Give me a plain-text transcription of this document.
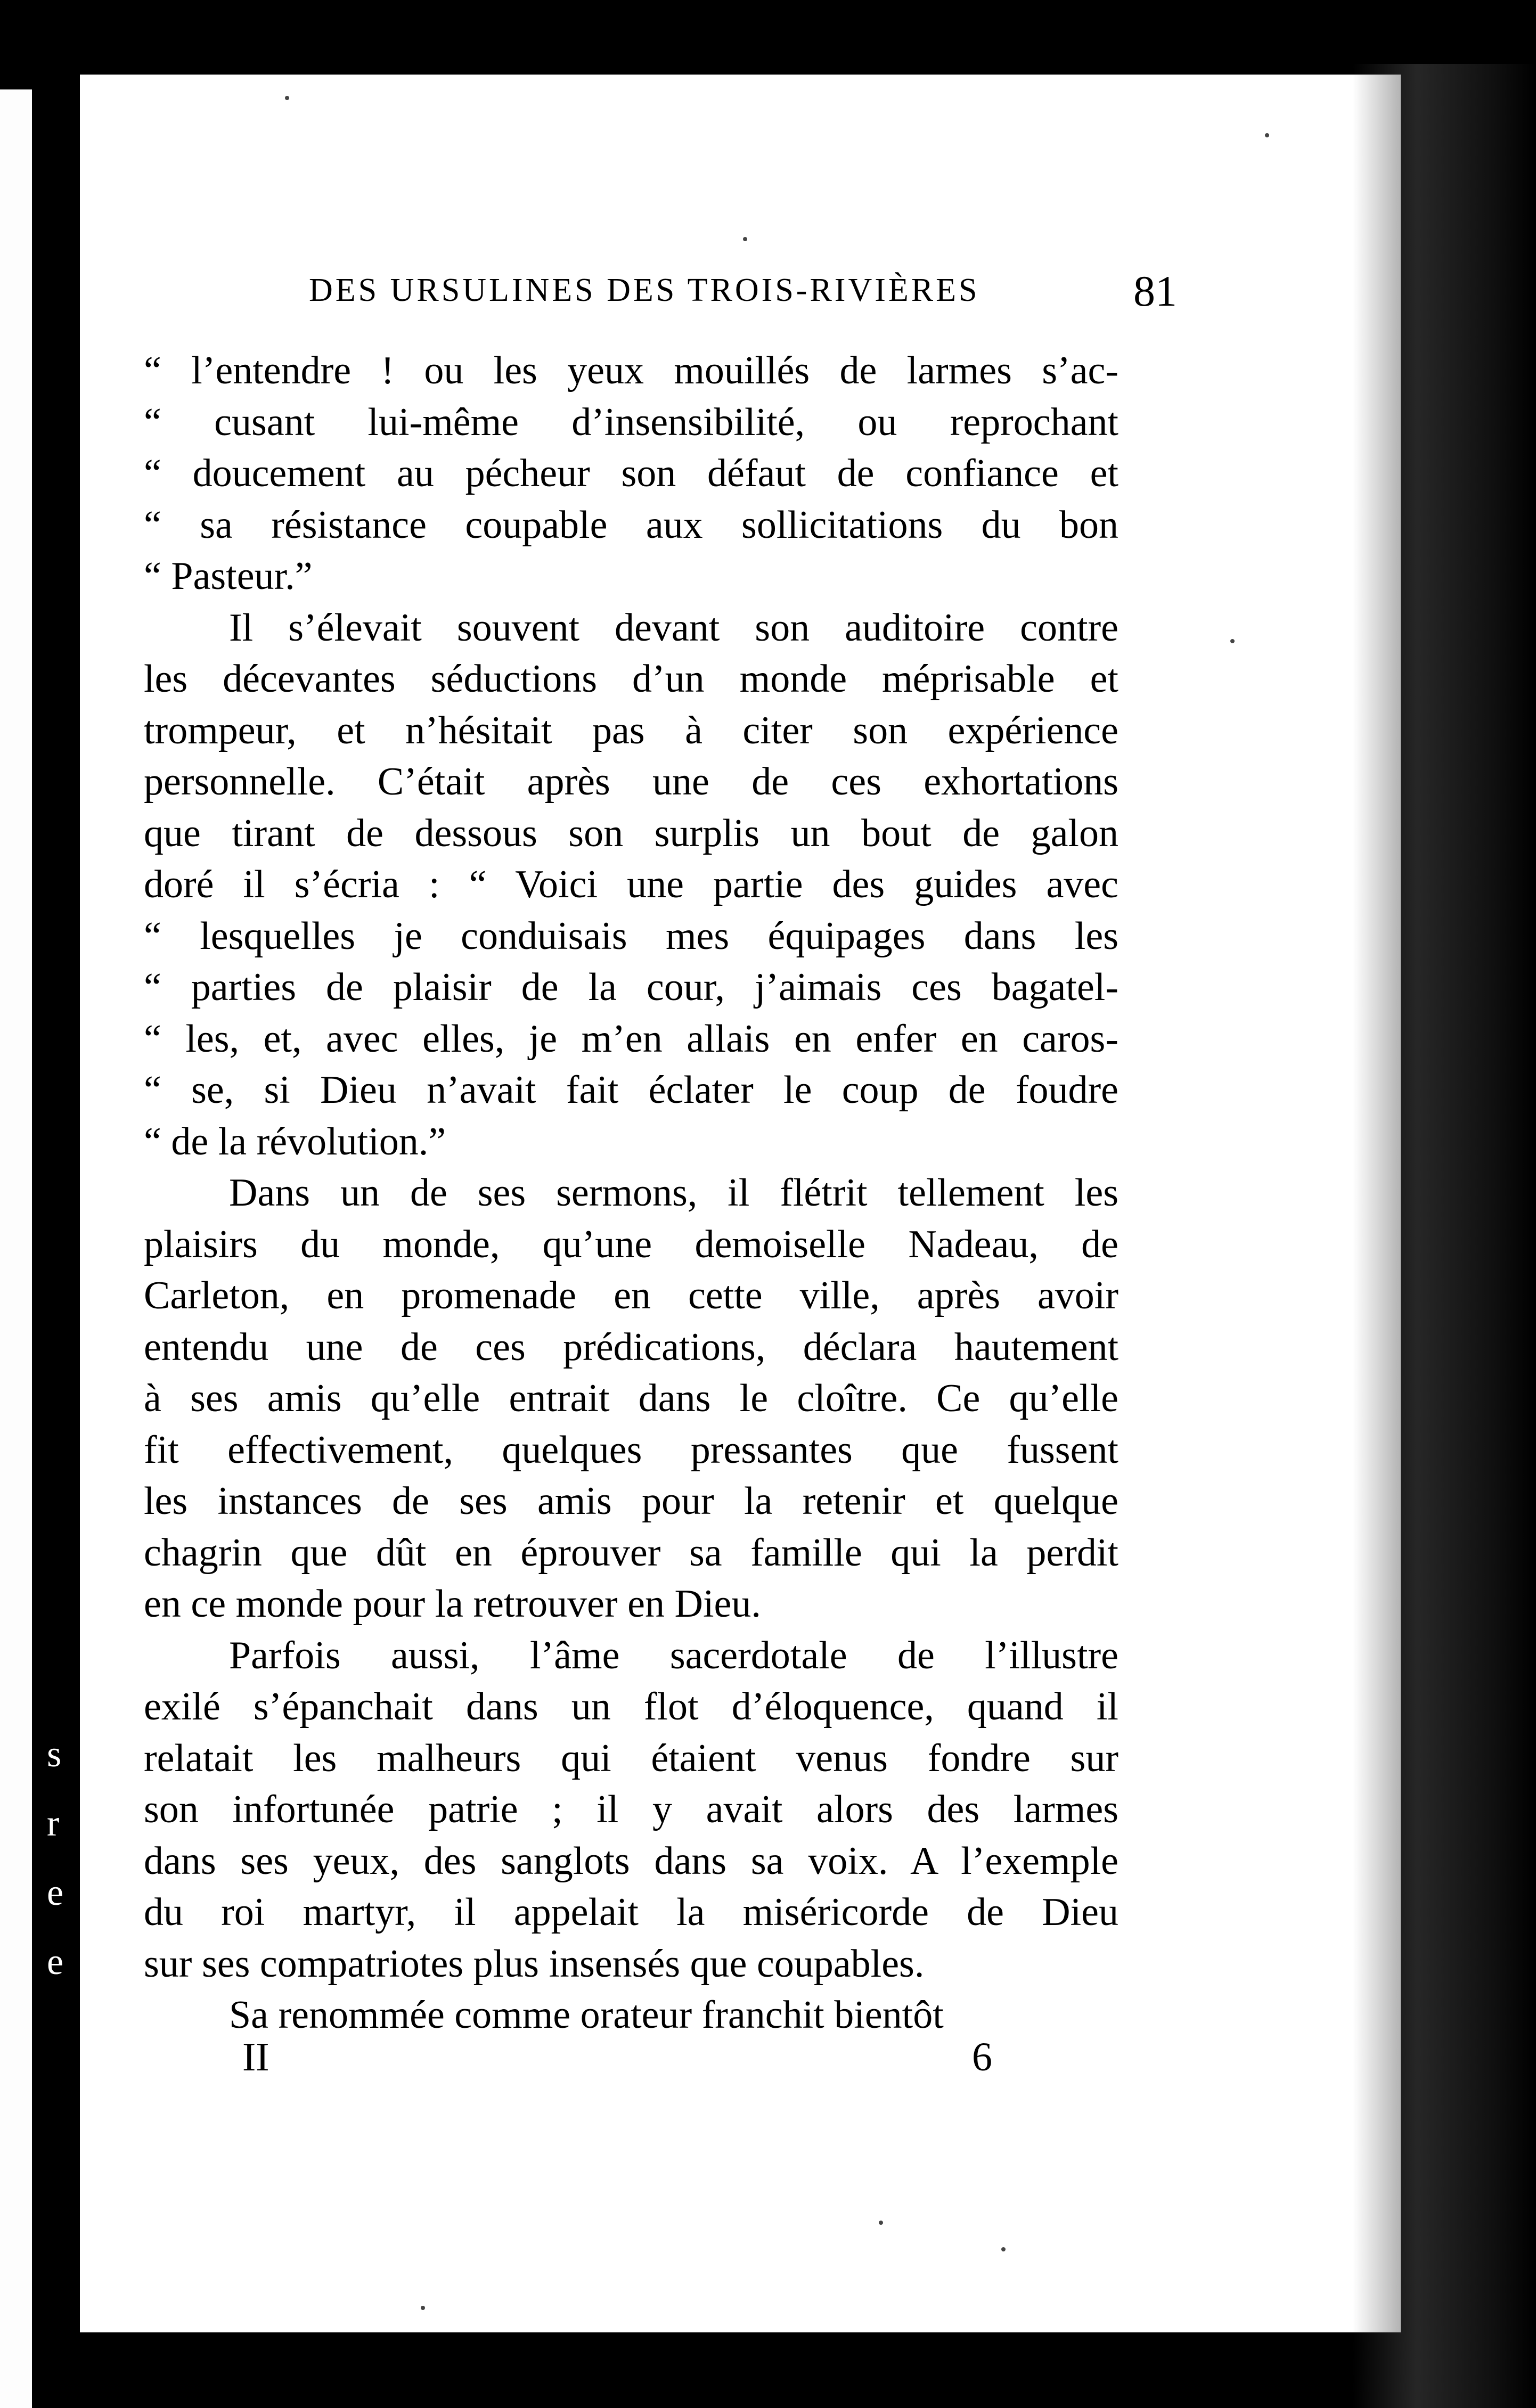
s
r
e
e
DES URSULINES DES TROIS-RIVIÈRES	81
“ l’entendre ! ou les yeux mouillés de larmes s’ac-
“ cusant lui-même d’insensibilité, ou reprochant
“ doucement au pécheur son défaut de confiance et
“ sa résistance coupable aux sollicitations du bon
“ Pasteur.”
Il s’élevait souvent devant son auditoire contre
les décevantes séductions d’un monde méprisable et
trompeur, et n’hésitait pas à citer son expérience
personnelle. C’était après une de ces exhortations
que tirant de dessous son surplis un bout de galon
doré il s’écria : “ Voici une partie des guides avec
“ lesquelles je conduisais mes équipages dans les
“ parties de plaisir de la cour, j’aimais ces bagatel-
“ les, et, avec elles, je m’en allais en enfer en caros-
“ se, si Dieu n’avait fait éclater le coup de foudre
“ de la révolution.”
Dans un de ses sermons, il flétrit tellement les
plaisirs du monde, qu’une demoiselle Nadeau, de
Carleton, en promenade en cette ville, après avoir
entendu une de ces prédications, déclara hautement
à ses amis qu’elle entrait dans le cloître. Ce qu’elle
fit effectivement, quelques pressantes que fussent
les instances de ses amis pour la retenir et quelque
chagrin que dût en éprouver sa famille qui la perdit
en ce monde pour la retrouver en Dieu.
Parfois aussi, l’âme sacerdotale de l’illustre
exilé s’épanchait dans un flot d’éloquence, quand il
relatait les malheurs qui étaient venus fondre sur
son infortunée patrie ; il y avait alors des larmes
dans ses yeux, des sanglots dans sa voix. A l’exemple
du roi martyr, il appelait la miséricorde de Dieu
sur ses compatriotes plus insensés que coupables.
Sa renommée comme orateur franchit bientôt
II	6
